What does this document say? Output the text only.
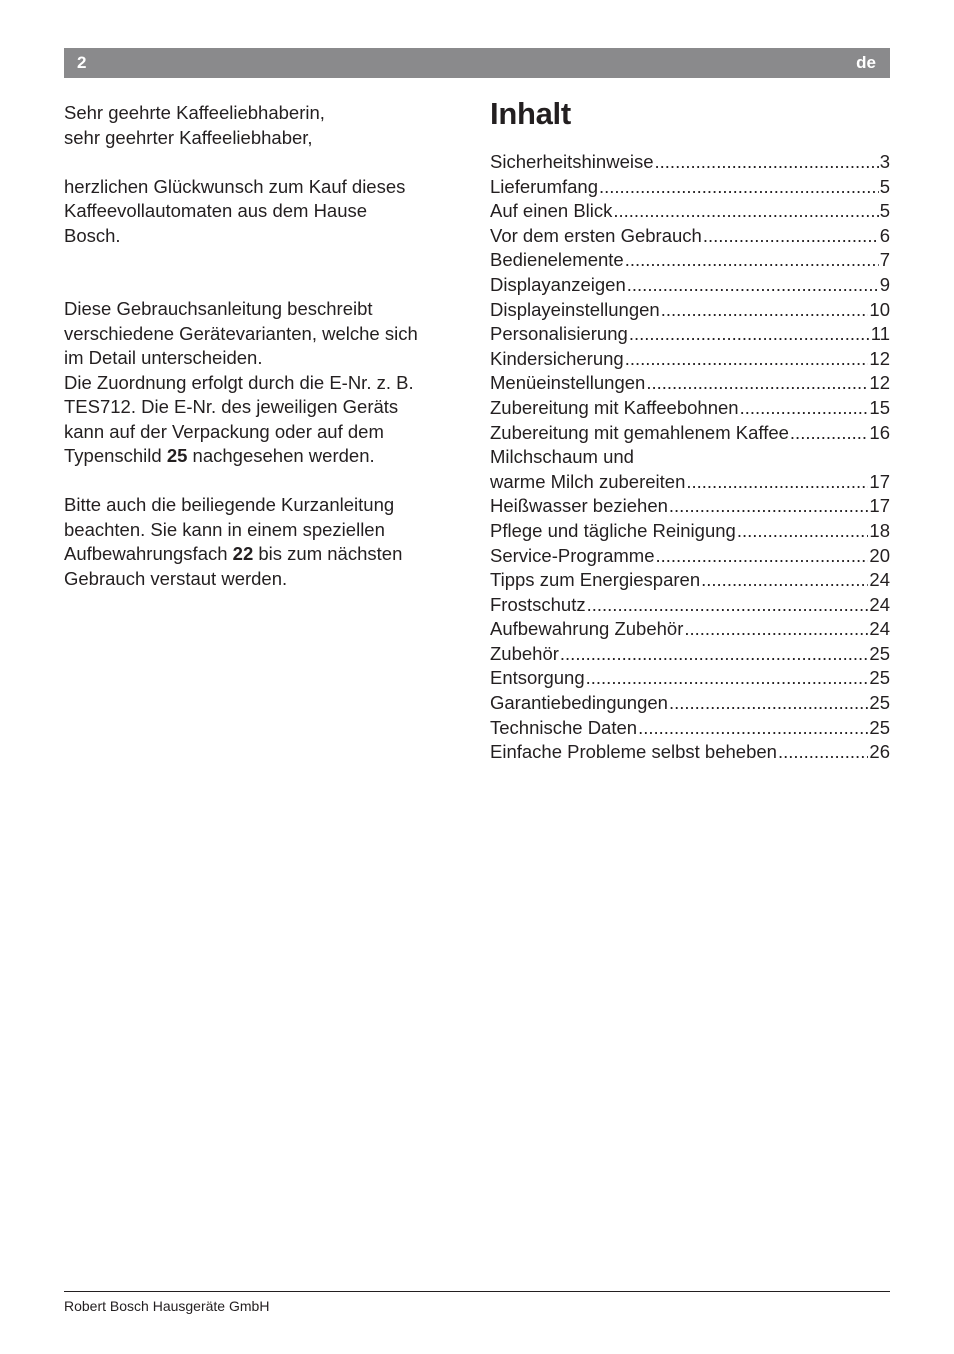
2	de

Sehr geehrte Kaffeeliebhaberin,

sehr geehrter Kaffeeliebhaber,

herzlichen Glückwunsch zum Kauf dieses

Kaffeevollautomaten aus dem Hause

Bosch.

Diese Gebrauchsanleitung beschreibt

verschiedene Gerätevarianten, welche sich

im Detail unterscheiden.

Die Zuordnung erfolgt durch die E-Nr. z. B.

TES712. Die E-Nr. des jeweiligen Geräts

kann auf der Verpackung oder auf dem

Typenschild 25 nachgesehen werden.

Bitte auch die beiliegende Kurzanleitung

beachten. Sie kann in einem speziellen

Aufbewahrungsfach 22 bis zum nächsten

Gebrauch verstaut werden.

Inhalt
Sicherheitshinweise .....	3
Lieferumfang .....	5
Auf einen Blick .....	5
Vor dem ersten Gebrauch .....	6
Bedienelemente .....	7
Displayanzeigen .....	9
Displayeinstellungen .....	10
Personalisierung .....	11
Kindersicherung .....	12
Menüeinstellungen .....	12
Zubereitung mit Kaffeebohnen .....	15
Zubereitung mit gemahlenem Kaffee .....	16
Milchschaum und
warme Milch zubereiten .....	17
Heißwasser beziehen .....	17
Pflege und tägliche Reinigung .....	18
Service-Programme .....	20
Tipps zum Energiesparen .....	24
Frostschutz .....	24
Aufbewahrung Zubehör .....	24
Zubehör .....	25
Entsorgung .....	25
Garantiebedingungen .....	25
Technische Daten .....	25
Einfache Probleme selbst beheben .....	26
Robert Bosch Hausgeräte GmbH
